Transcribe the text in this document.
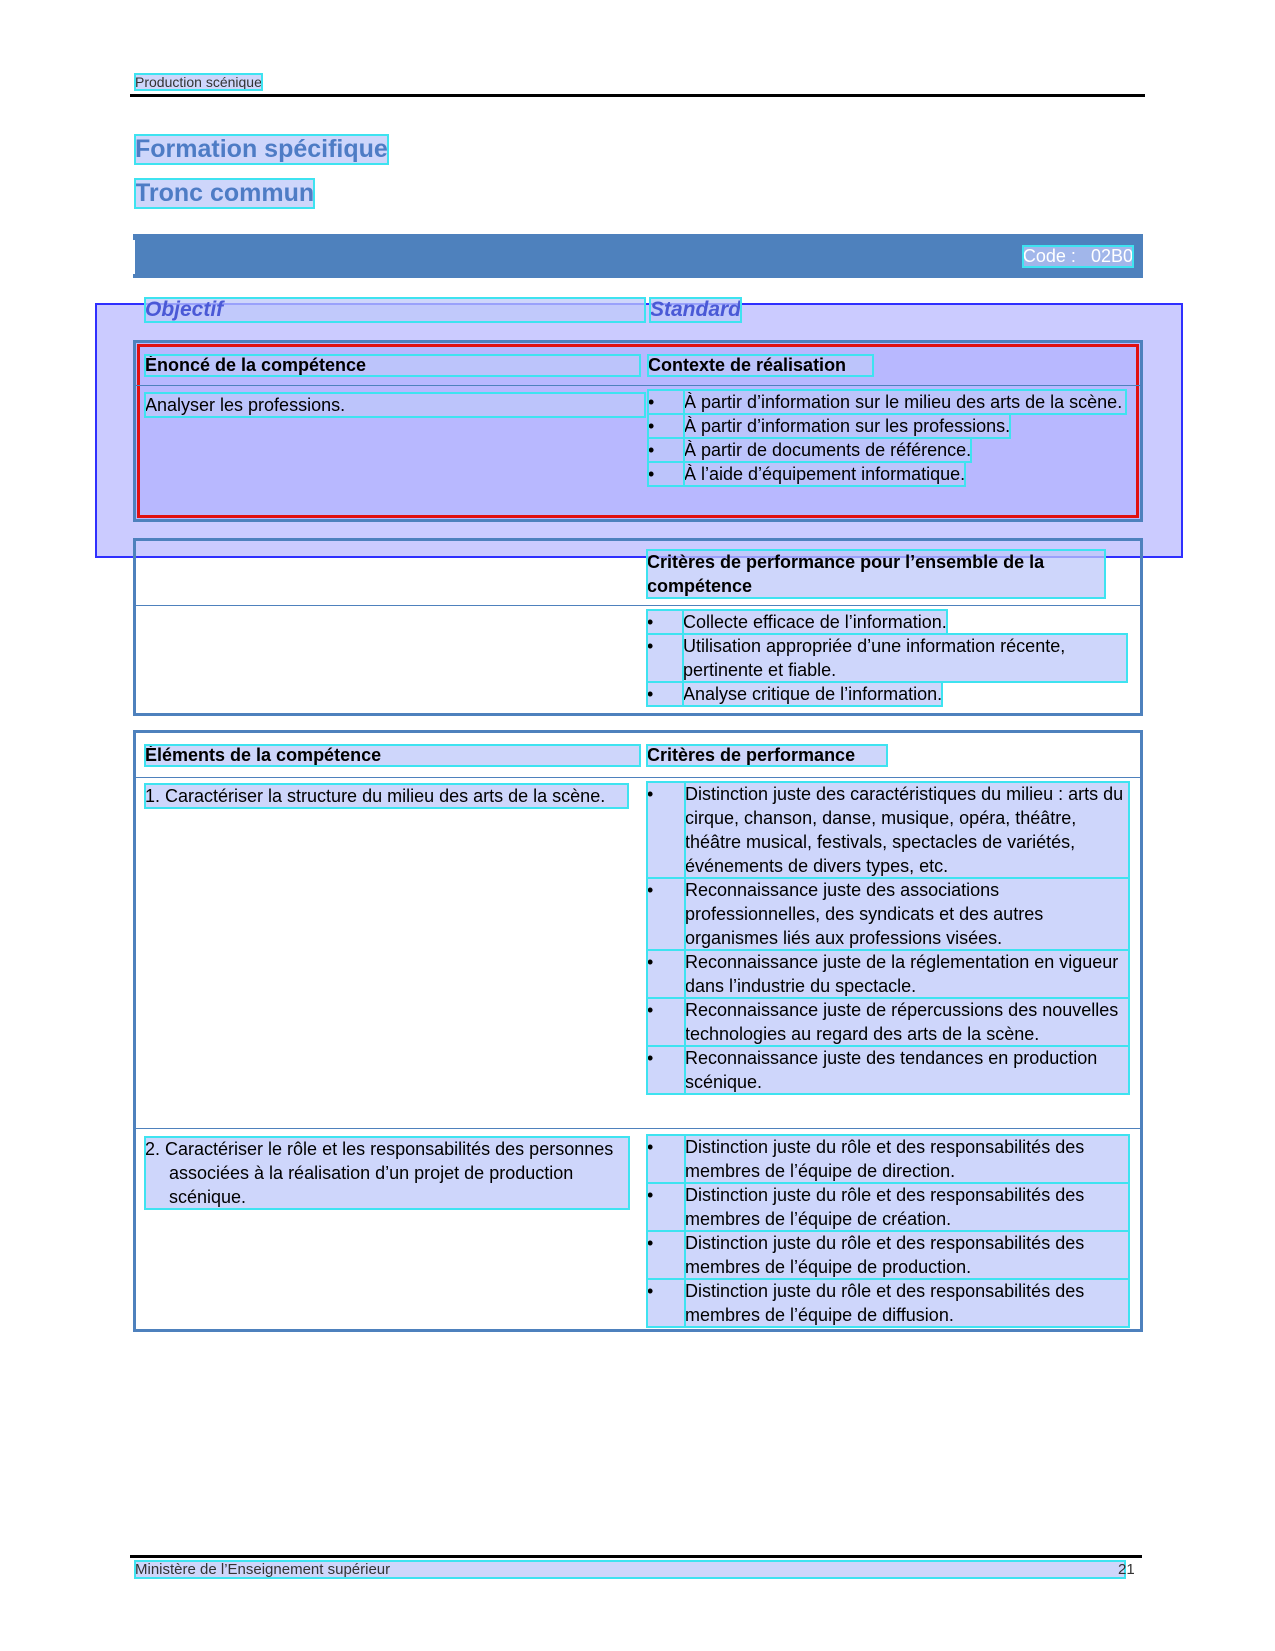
Production scénique
Formation spécifique
Tronc commun
Code : 02B0
Objectif	Standard
Énoncé de la compétence	Contexte de réalisation
Analyser les professions.	•	À partir d’information sur le milieu des arts de la scène.
•	À partir d’information sur les professions.
•	À partir de documents de référence.
•	À l’aide d’équipement informatique.
Critères de performance pour l’ensemble de la compétence
•	Collecte efficace de l’information.
•	Utilisation appropriée d’une information récente, pertinente et fiable.
•	Analyse critique de l’information.
Éléments de la compétence	Critères de performance
1. Caractériser la structure du milieu des arts de la scène.	•	Distinction juste des caractéristiques du milieu : arts du cirque, chanson, danse, musique, opéra, théâtre, théâtre musical, festivals, spectacles de variétés, événements de divers types, etc.
•	Reconnaissance juste des associations professionnelles, des syndicats et des autres organismes liés aux professions visées.
•	Reconnaissance juste de la réglementation en vigueur dans l’industrie du spectacle.
•	Reconnaissance juste de répercussions des nouvelles technologies au regard des arts de la scène.
•	Reconnaissance juste des tendances en production scénique.
2. Caractériser le rôle et les responsabilités des personnes associées à la réalisation d’un projet de production scénique.
•	Distinction juste du rôle et des responsabilités des membres de l’équipe de direction.
•	Distinction juste du rôle et des responsabilités des membres de l’équipe de création.
•	Distinction juste du rôle et des responsabilités des membres de l’équipe de production.
•	Distinction juste du rôle et des responsabilités des membres de l’équipe de diffusion.
Ministère de l’Enseignement supérieur	21
